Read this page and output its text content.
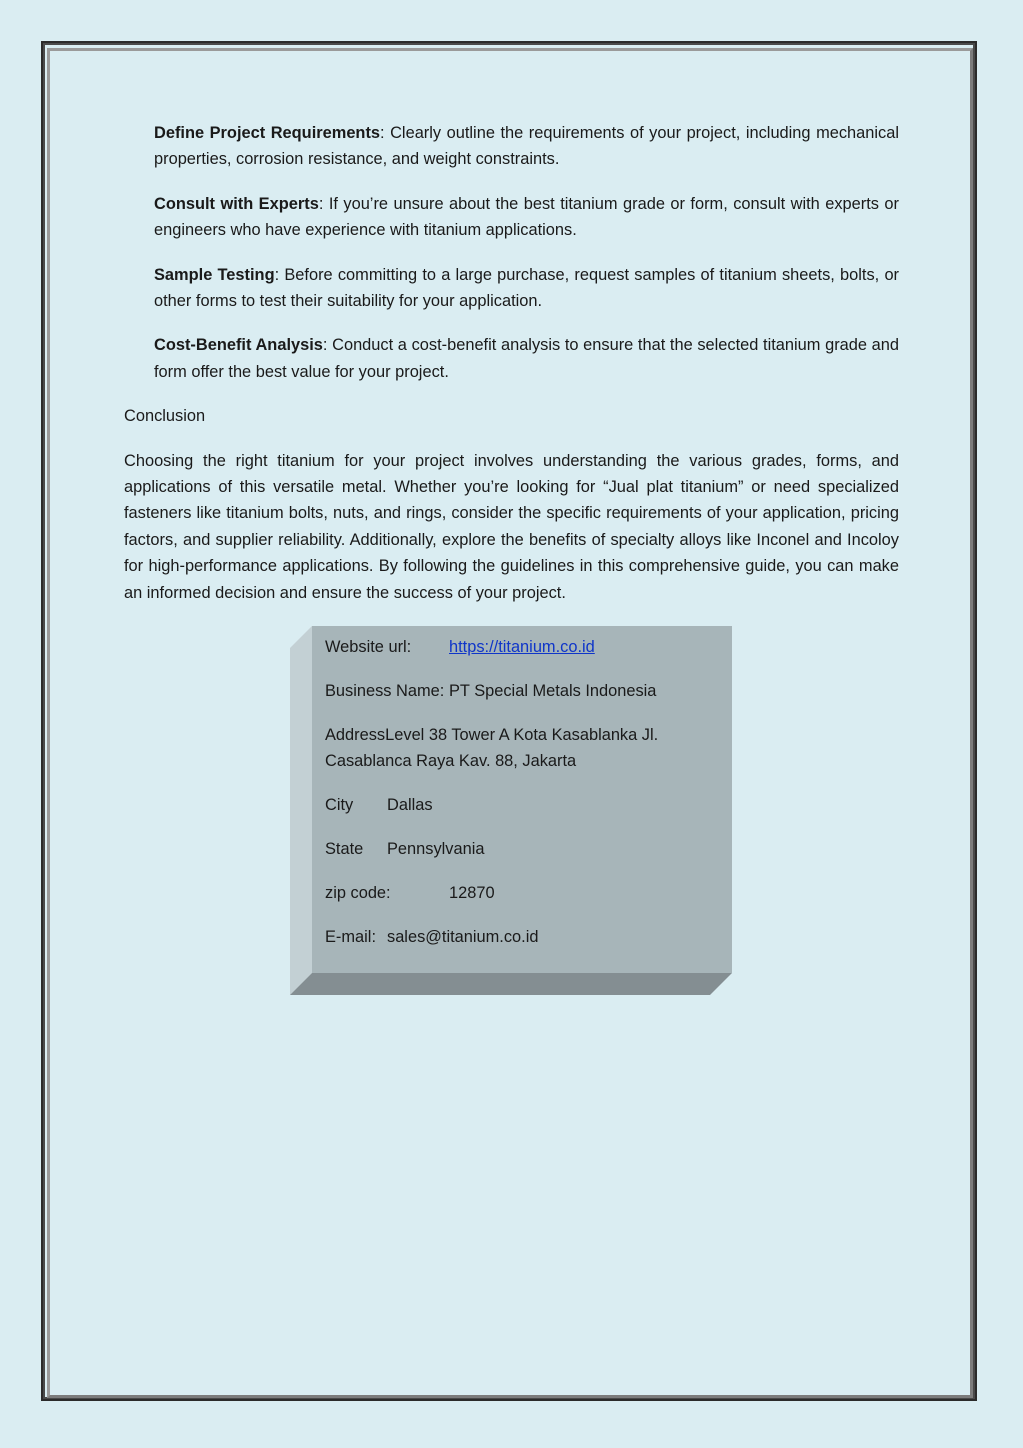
Define Project Requirements: Clearly outline the requirements of your project, including mechanical properties, corrosion resistance, and weight constraints.

Consult with Experts: If you’re unsure about the best titanium grade or form, consult with experts or engineers who have experience with titanium applications.

Sample Testing: Before committing to a large purchase, request samples of titanium sheets, bolts, or other forms to test their suitability for your application.

Cost-Benefit Analysis: Conduct a cost-benefit analysis to ensure that the selected titanium grade and form offer the best value for your project.

Conclusion

Choosing the right titanium for your project involves understanding the various grades, forms, and applications of this versatile metal. Whether you’re looking for “Jual plat titanium” or need specialized fasteners like titanium bolts, nuts, and rings, consider the specific requirements of your application, pricing factors, and supplier reliability. Additionally, explore the benefits of specialty alloys like Inconel and Incoloy for high-performance applications. By following the guidelines in this comprehensive guide, you can make an informed decision and ensure the success of your project.

Website url:	https://titanium.co.id
Business Name: PT Special Metals Indonesia
AddressLevel 38 Tower A Kota Kasablanka Jl. Casablanca Raya Kav. 88, Jakarta
City	Dallas
State	Pennsylvania
zip code:	12870
E-mail: sales@titanium.co.id
